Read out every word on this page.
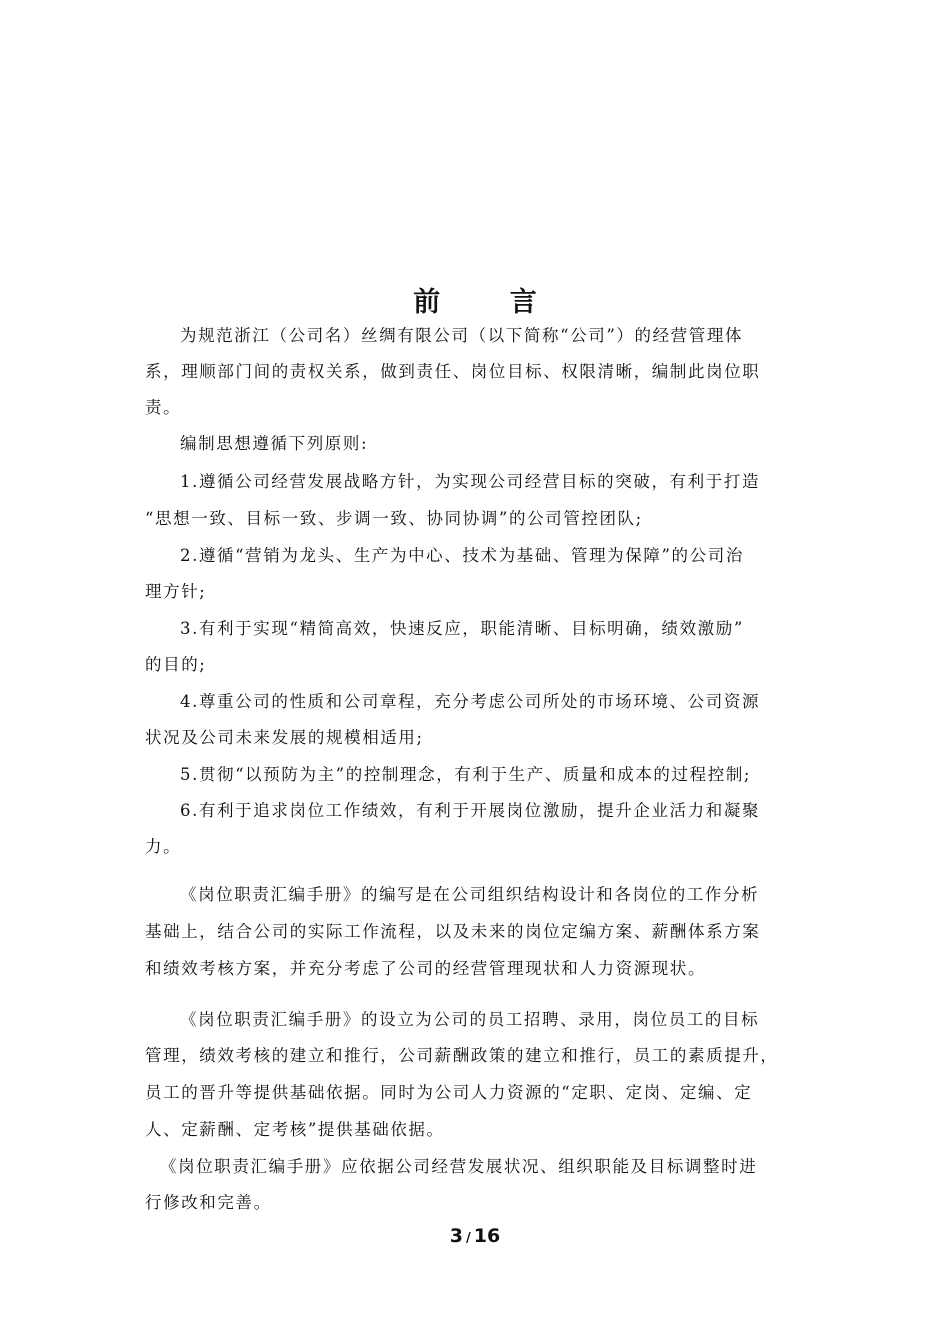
前 言
为规范浙江（公司名）丝绸有限公司（以下简称“公司”）的经营管理体
系，理顺部门间的责权关系，做到责任、岗位目标、权限清晰，编制此岗位职
责。
编制思想遵循下列原则:
1.遵循公司经营发展战略方针，为实现公司经营目标的突破，有利于打造
“思想一致、目标一致、步调一致、协同协调”的公司管控团队;
2.遵循“营销为龙头、生产为中心、技术为基础、管理为保障”的公司治
理方针;
3.有利于实现“精简高效，快速反应，职能清晰、目标明确，绩效激励”
的目的;
4.尊重公司的性质和公司章程，充分考虑公司所处的市场环境、公司资源
状况及公司未来发展的规模相适用;
5.贯彻“以预防为主”的控制理念，有利于生产、质量和成本的过程控制;
6.有利于追求岗位工作绩效，有利于开展岗位激励，提升企业活力和凝聚
力。
《岗位职责汇编手册》的编写是在公司组织结构设计和各岗位的工作分析
基础上，结合公司的实际工作流程，以及未来的岗位定编方案、薪酬体系方案
和绩效考核方案，并充分考虑了公司的经营管理现状和人力资源现状。
《岗位职责汇编手册》的设立为公司的员工招聘、录用，岗位员工的目标
管理，绩效考核的建立和推行，公司薪酬政策的建立和推行，员工的素质提升，
员工的晋升等提供基础依据。同时为公司人力资源的“定职、定岗、定编、定
人、定薪酬、定考核”提供基础依据。
《岗位职责汇编手册》应依据公司经营发展状况、组织职能及目标调整时进
行修改和完善。
3 / 16
